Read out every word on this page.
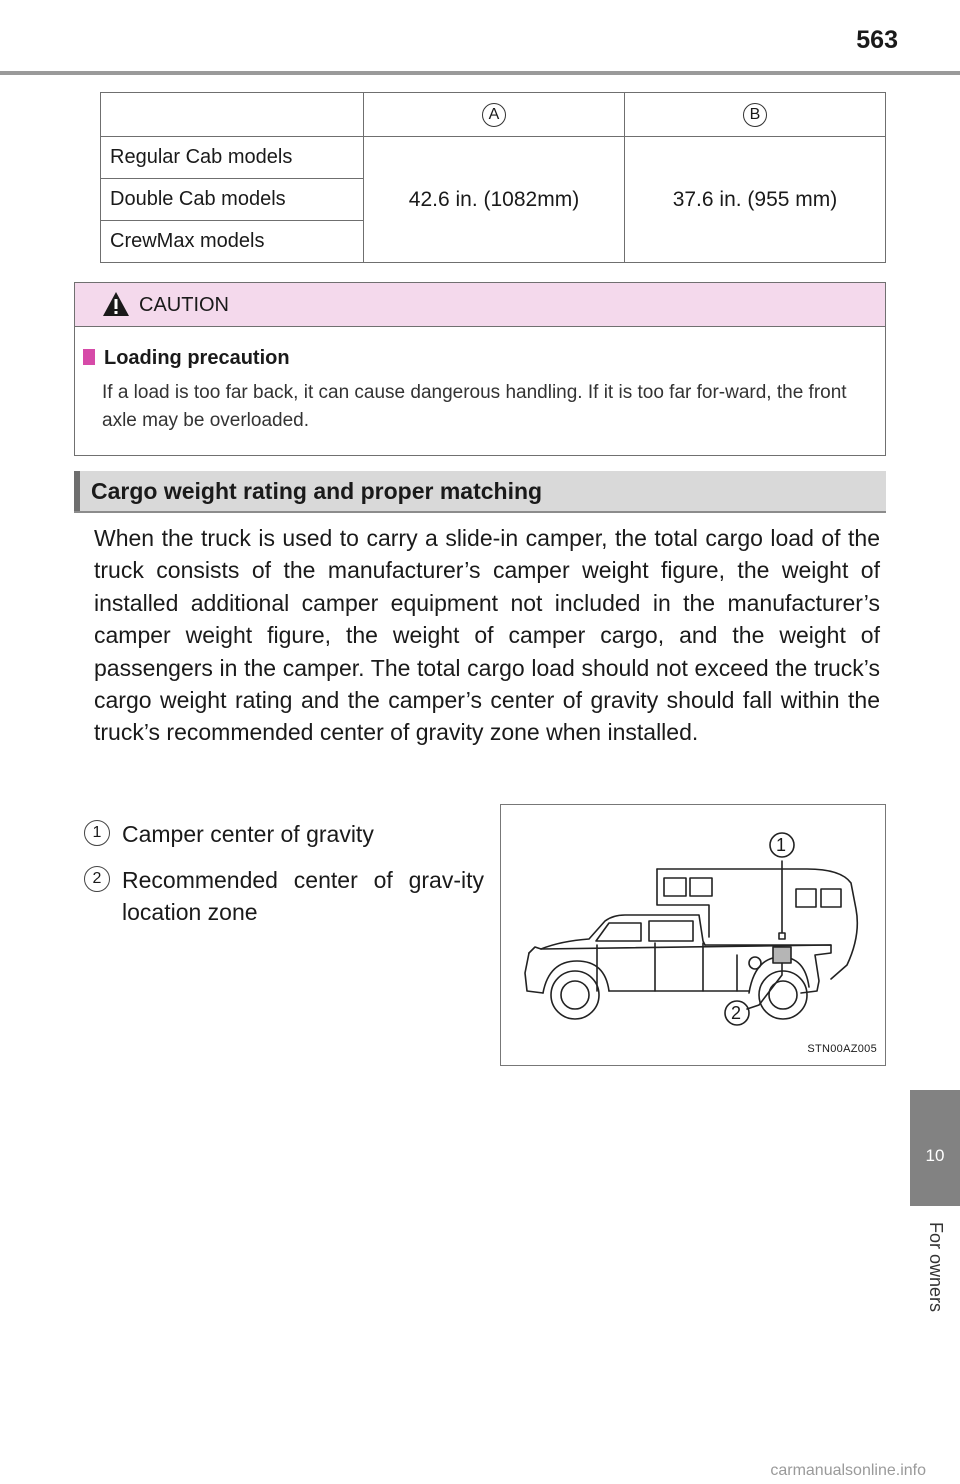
563
	A	B
Regular Cab models	42.6 in. (1082mm)	37.6 in. (955 mm)
Double Cab models		
CrewMax models		
CAUTION
Loading precaution
If a load is too far back, it can cause dangerous handling. If it is too far for-ward, the front axle may be overloaded.
Cargo weight rating and proper matching
When the truck is used to carry a slide-in camper, the total cargo load of the truck consists of the manufacturer’s camper weight figure, the weight of installed additional camper equipment not included in the manufacturer’s camper weight figure, the weight of camper cargo, and the weight of passengers in the camper. The total cargo load should not exceed the truck’s cargo weight rating and the camper’s center of gravity should fall within the truck’s recommended center of gravity zone when installed.
1 Camper center of gravity
2 Recommended center of grav-ity location zone
1
2
STN00AZ005
10
For owners
carmanualsonline.info
